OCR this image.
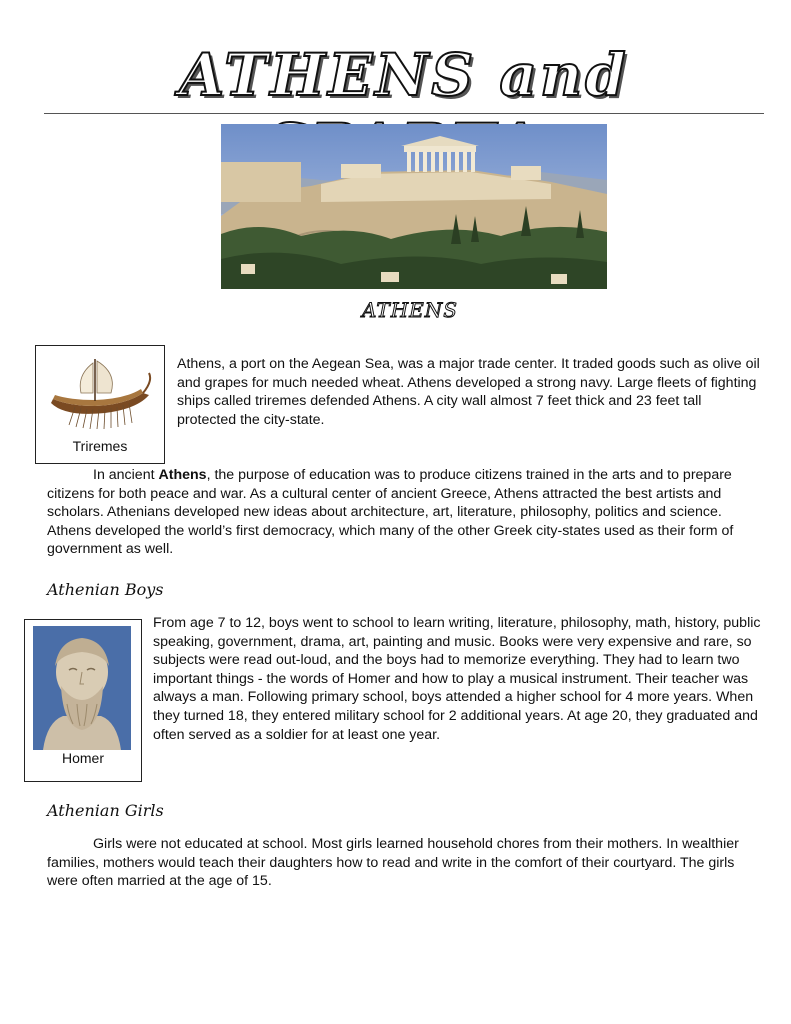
ATHENS and
ATHENS
Triremes

Athens, a port on the Aegean Sea, was a major trade center. It traded goods such as olive oil and grapes for much needed wheat. Athens developed a strong navy. Large fleets of fighting ships called triremes defended Athens. A city wall almost 7 feet thick and 23 feet tall protected the city-state.

In ancient Athens, the purpose of education was to produce citizens trained in the arts and to prepare citizens for both peace and war. As a cultural center of ancient Greece, Athens attracted the best artists and scholars. Athenians developed new ideas about architecture, art, literature, philosophy, politics and science. Athens developed the world’s first democracy, which many of the other Greek city-states used as their form of government as well.

Athenian Boys
Homer

From age 7 to 12, boys went to school to learn writing, literature, philosophy, math, history, public speaking, government, drama, art, painting and music. Books were very expensive and rare, so subjects were read out-loud, and the boys had to memorize everything. They had to learn two important things - the words of Homer and how to play a musical instrument. Their teacher was always a man. Following primary school, boys attended a higher school for 4 more years. When they turned 18, they entered military school for 2 additional years. At age 20, they graduated and often served as a soldier for at least one year.

Athenian Girls

Girls were not educated at school. Most girls learned household chores from their mothers. In wealthier families, mothers would teach their daughters how to read and write in the comfort of their courtyard. The girls were often married at the age of 15.
